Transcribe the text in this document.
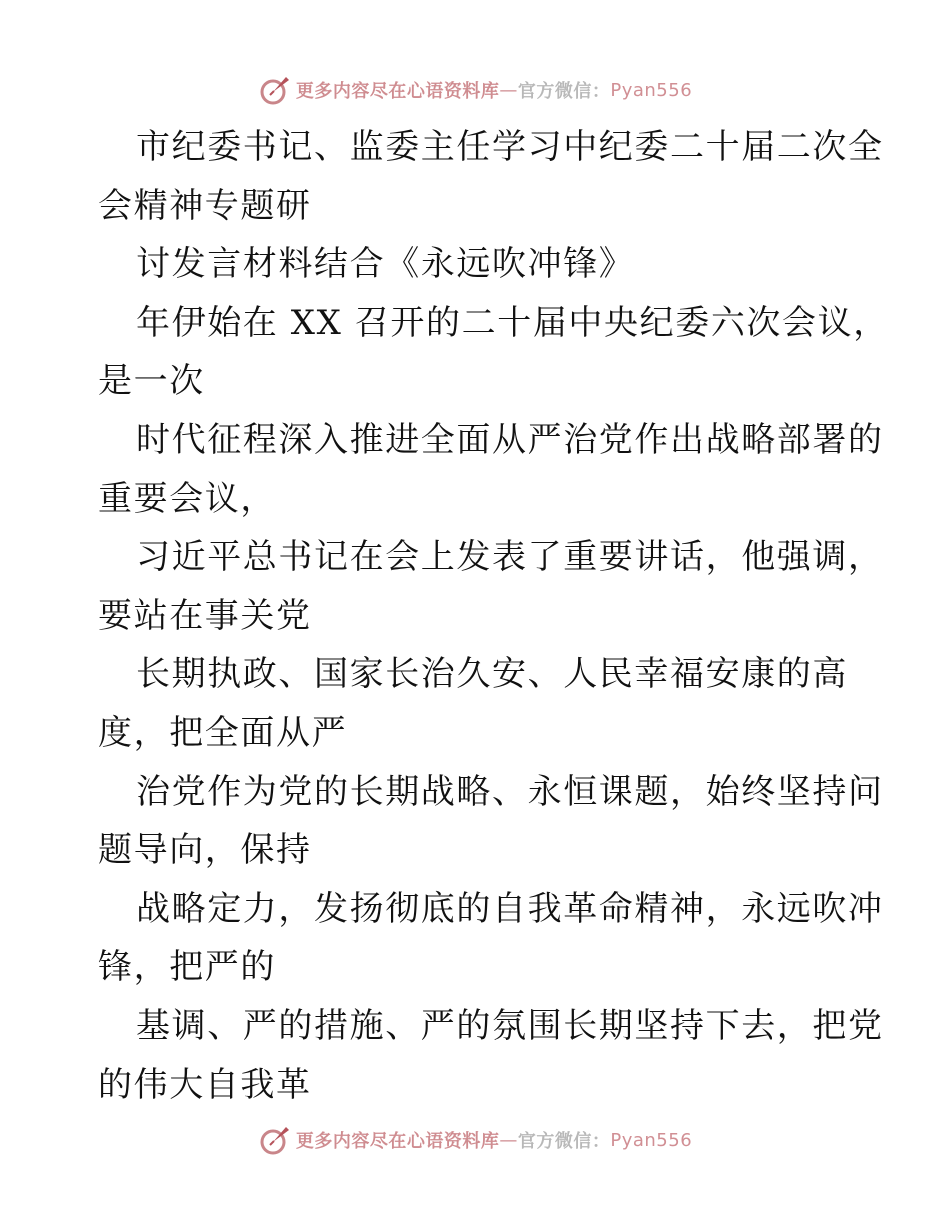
更多内容尽在心语资料库 — 官方微信： Pyan556
市纪委书记、监委主任学习中纪委二十届二次全
会精神专题研
讨发言材料结合《永远吹冲锋》
年伊始在 XX 召开的二十届中央纪委六次会议，
是一次
时代征程深入推进全面从严治党作出战略部署的
重要会议，
习近平总书记在会上发表了重要讲话，他强调，
要站在事关党
长期执政、国家长治久安、人民幸福安康的高
度，把全面从严
治党作为党的长期战略、永恒课题，始终坚持问
题导向，保持
战略定力，发扬彻底的自我革命精神，永远吹冲
锋，把严的
基调、严的措施、严的氛围长期坚持下去，把党
的伟大自我革
更多内容尽在心语资料库 — 官方微信： Pyan556
